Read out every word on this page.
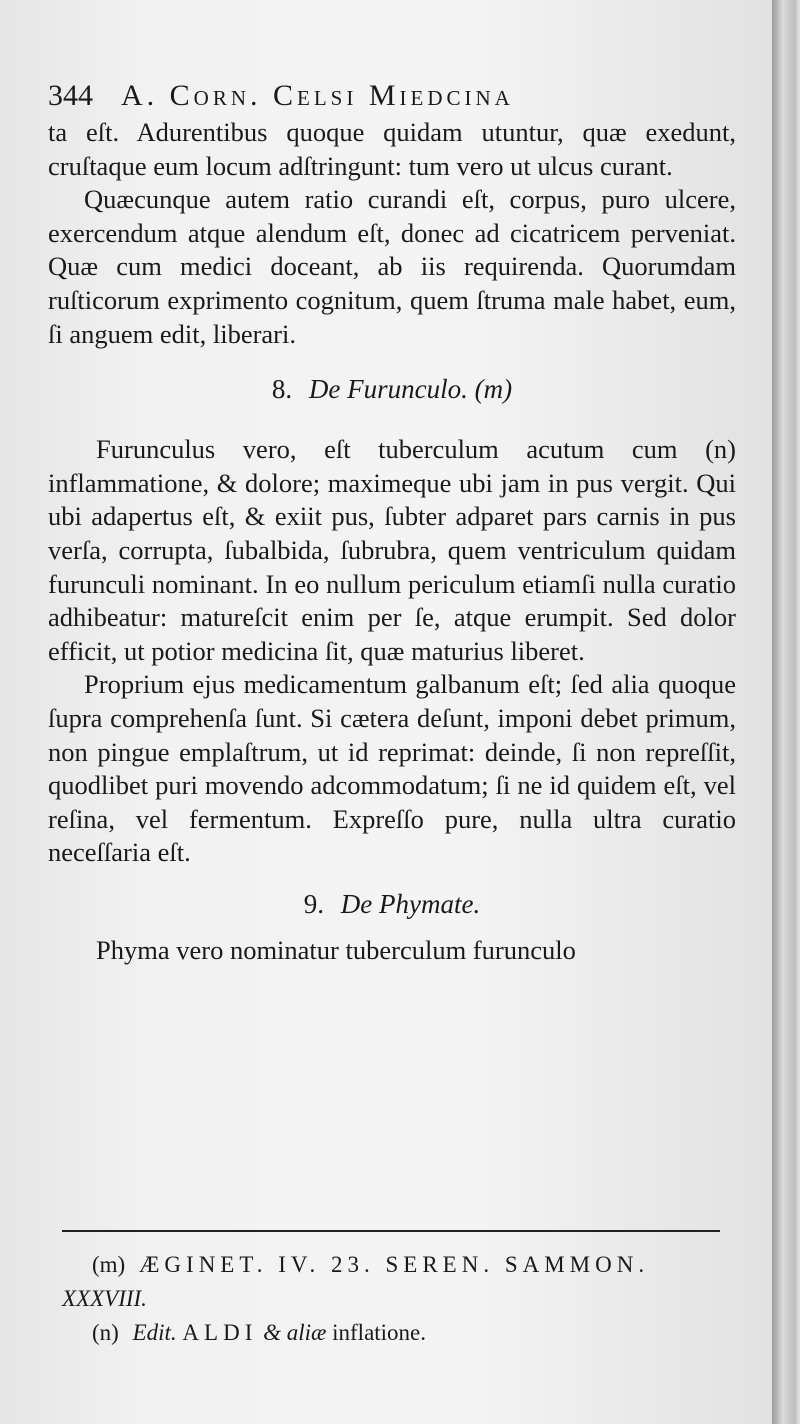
344 A. Corn. Celsi Miedcina

ta eſt. Adurentibus quoque quidam utuntur, quæ exedunt, cruſtaque eum locum adſtringunt: tum vero ut ulcus curant.

Quæcunque autem ratio curandi eſt, corpus, puro ulcere, exercendum atque alendum eſt, donec ad cicatricem perveniat. Quæ cum medici doceant, ab iis requirenda. Quorumdam ruſticorum exprimento cognitum, quem ſtruma male habet, eum, ſi anguem edit, liberari.

8. De Furunculo. (m)

Furunculus vero, eſt tuberculum acutum cum (n) inflammatione, & dolore; maximeque ubi jam in pus vergit. Qui ubi adapertus eſt, & exiit pus, ſubter adparet pars carnis in pus verſa, corrupta, ſubalbida, ſubrubra, quem ventriculum quidam furunculi nominant. In eo nullum periculum etiamſi nulla curatio adhibeatur: matureſcit enim per ſe, atque erumpit. Sed dolor efficit, ut potior medicina ſit, quæ maturius liberet.

Proprium ejus medicamentum galbanum eſt; ſed alia quoque ſupra comprehenſa ſunt. Si cætera deſunt, imponi debet primum, non pingue emplaſtrum, ut id reprimat: deinde, ſi non repreſſit, quodlibet puri movendo adcommodatum; ſi ne id quidem eſt, vel reſina, vel fermentum. Expreſſo pure, nulla ultra curatio neceſſaria eſt.

9. De Phymate.

Phyma vero nominatur tuberculum furunculo

(m) ÆGINET. IV. 23. SEREN. SAMMON.
XXXVIII.
(n) Edit. ALDI & aliæ inflatione.
